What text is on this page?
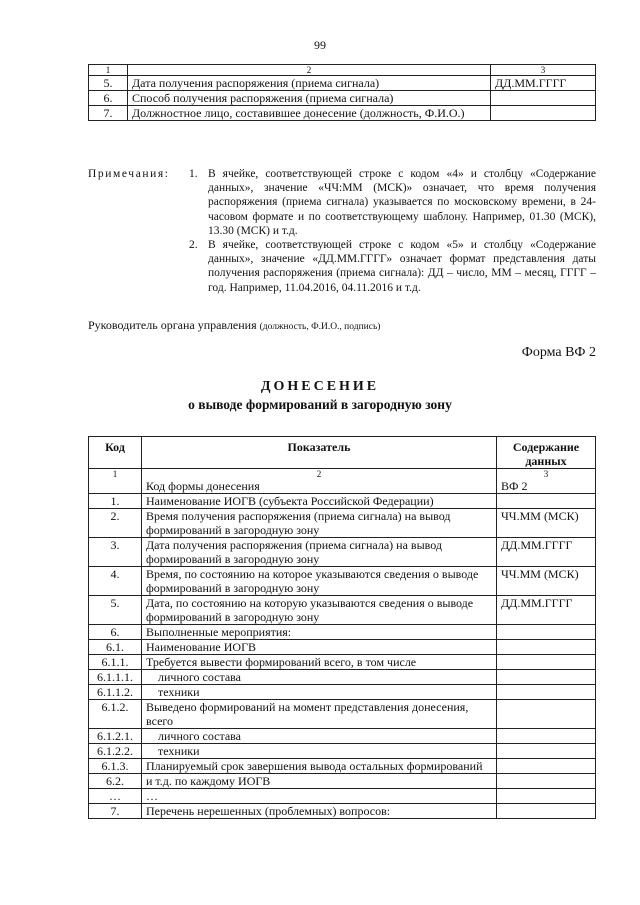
99
1	2	3
5.	Дата получения распоряжения (приема сигнала)	ДД.ММ.ГГГГ
6.	Способ получения распоряжения (приема сигнала)	
7.	Должностное лицо, составившее донесение (должность, Ф.И.О.)	
Примечания: 1. В ячейке, соответствующей строке с кодом «4» и столбцу «Содержание данных», значение «ЧЧ:ММ (МСК)» означает, что время получения распоряжения (приема сигнала) указывается по московскому времени, в 24-часовом формате и по соответствующему шаблону. Например, 01.30 (МСК), 13.30 (МСК) и т.д.
2. В ячейке, соответствующей строке с кодом «5» и столбцу «Содержание данных», значение «ДД.ММ.ГГГГ» означает формат представления даты получения распоряжения (приема сигнала): ДД – число, ММ – месяц, ГГГГ – год. Например, 11.04.2016, 04.11.2016 и т.д.
Руководитель органа управления (должность, Ф.И.О., подпись)
Форма ВФ 2
ДОНЕСЕНИЕ
о выводе формирований в загородную зону
Код	Показатель	Содержание данных
1	2	3
	Код формы донесения	ВФ 2
1.	Наименование ИОГВ (субъекта Российской Федерации)	
2.	Время получения распоряжения (приема сигнала) на вывод формирований в загородную зону	ЧЧ.ММ (МСК)
3.	Дата получения распоряжения (приема сигнала) на вывод формирований в загородную зону	ДД.ММ.ГГГГ
4.	Время, по состоянию на которое указываются сведения о выводе формирований в загородную зону	ЧЧ.ММ (МСК)
5.	Дата, по состоянию на которую указываются сведения о выводе формирований в загородную зону	ДД.ММ.ГГГГ
6.	Выполненные мероприятия:	
6.1.	Наименование ИОГВ	
6.1.1.	Требуется вывести формирований всего, в том числе	
6.1.1.1.	личного состава	
6.1.1.2.	техники	
6.1.2.	Выведено формирований на момент представления донесения, всего	
6.1.2.1.	личного состава	
6.1.2.2.	техники	
6.1.3.	Планируемый срок завершения вывода остальных формирований	
6.2.	и т.д. по каждому ИОГВ	
…	…	
7.	Перечень нерешенных (проблемных) вопросов:	
